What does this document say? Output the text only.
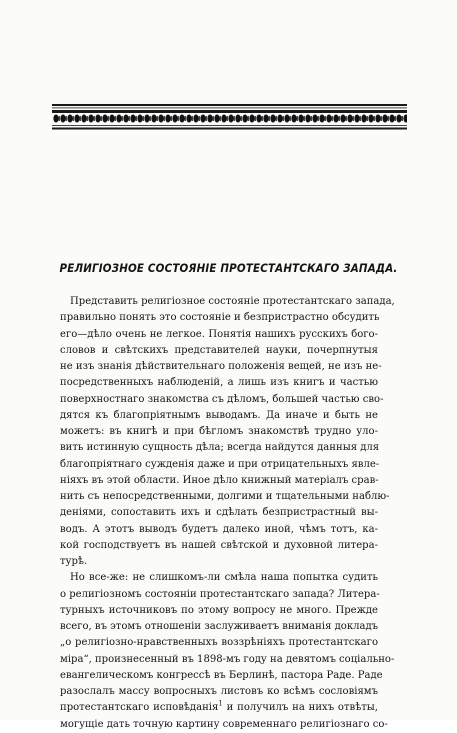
РЕЛИГІОЗНОЕ СОСТОЯНІЕ ПРОТЕСТАНТСКАГО ЗАПАДА.
Представить религіозное состояніе протестантскаго запада,
правильно понять это состояніе и безпристрастно обсудить
его—дѣло очень не легкое. Понятія нашихъ русскихъ бого-
словов и свѣтскихъ представителей науки, почерпнутыя
не изъ знанія дѣйствительнаго положенія вещей, не изъ не-
посредственныхъ наблюденій, а лишь изъ книгъ и частью
поверхностнаго знакомства съ дѣломъ, большей частью сво-
дятся къ благопріятнымъ выводамъ. Да иначе и быть не
можетъ: въ книгѣ и при бѣгломъ знакомствѣ трудно уло-
вить истинную сущность дѣла; всегда найдутся данныя для
благопріятнаго сужденія даже и при отрицательныхъ явле-
ніяхъ въ этой области. Иное дѣло книжный матеріалъ срав-
нить съ непосредственными, долгими и тщательными наблю-
деніями, сопоставить ихъ и сдѣлать безпристрастный вы-
водъ. А этотъ выводъ будетъ далеко иной, чѣмъ тотъ, ка-
кой господствуетъ въ нашей свѣтской и духовной литера-
турѣ.
Но все-же: не слишкомъ-ли смѣла наша попытка судить
о религіозномъ состояніи протестантскаго запада? Литера-
турныхъ источниковъ по этому вопросу не много. Прежде
всего, въ этомъ отношеніи заслуживаетъ вниманія докладъ
„о религіозно-нравственныхъ воззрѣніяхъ протестантскаго
міра“, произнесенный въ 1898-мъ году на девятомъ соціально-
евангелическомъ конгрессѣ въ Берлинѣ, пастора Раде. Раде
разослалъ массу вопросныхъ листовъ ко всѣмъ сословіямъ
протестантскаго исповѣданія$^1$ и получилъ на нихъ отвѣты,
могущіе дать точную картину современнаго религіознаго со-
